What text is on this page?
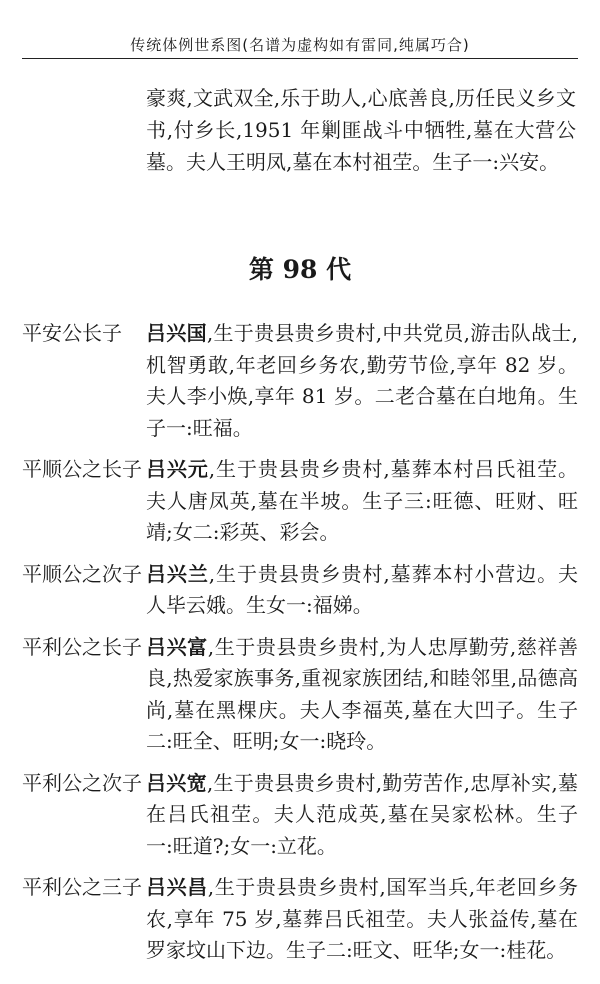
传统体例世系图(名谱为虚构如有雷同,纯属巧合)

豪爽,文武双全,乐于助人,心底善良,历任民义乡文书,付乡长,1951 年剿匪战斗中牺牲,墓在大营公墓。夫人王明凤,墓在本村祖茔。生子一:兴安。

第 98 代
平安公长子	吕兴国,生于贵县贵乡贵村,中共党员,游击队战士,机智勇敢,年老回乡务农,勤劳节俭,享年 82 岁。夫人李小焕,享年 81 岁。二老合墓在白地角。生子一:旺福。

平顺公之长子 吕兴元,生于贵县贵乡贵村,墓葬本村吕氏祖茔。夫人唐凤英,墓在半坡。生子三:旺德、旺财、旺靖;女二:彩英、彩会。

平顺公之次子 吕兴兰,生于贵县贵乡贵村,墓葬本村小营边。夫人毕云娥。生女一:福娣。

平利公之长子 吕兴富,生于贵县贵乡贵村,为人忠厚勤劳,慈祥善良,热爱家族事务,重视家族团结,和睦邻里,品德高尚,墓在黑棵庆。夫人李福英,墓在大凹子。生子二:旺全、旺明;女一:晓玲。

平利公之次子 吕兴宽,生于贵县贵乡贵村,勤劳苦作,忠厚补实,墓在吕氏祖茔。夫人范成英,墓在吴家松林。生子一:旺道?;女一:立花。

平利公之三子 吕兴昌,生于贵县贵乡贵村,国军当兵,年老回乡务农,享年 75 岁,墓葬吕氏祖茔。夫人张益传,墓在罗家坟山下边。生子二:旺文、旺华;女一:桂花。
